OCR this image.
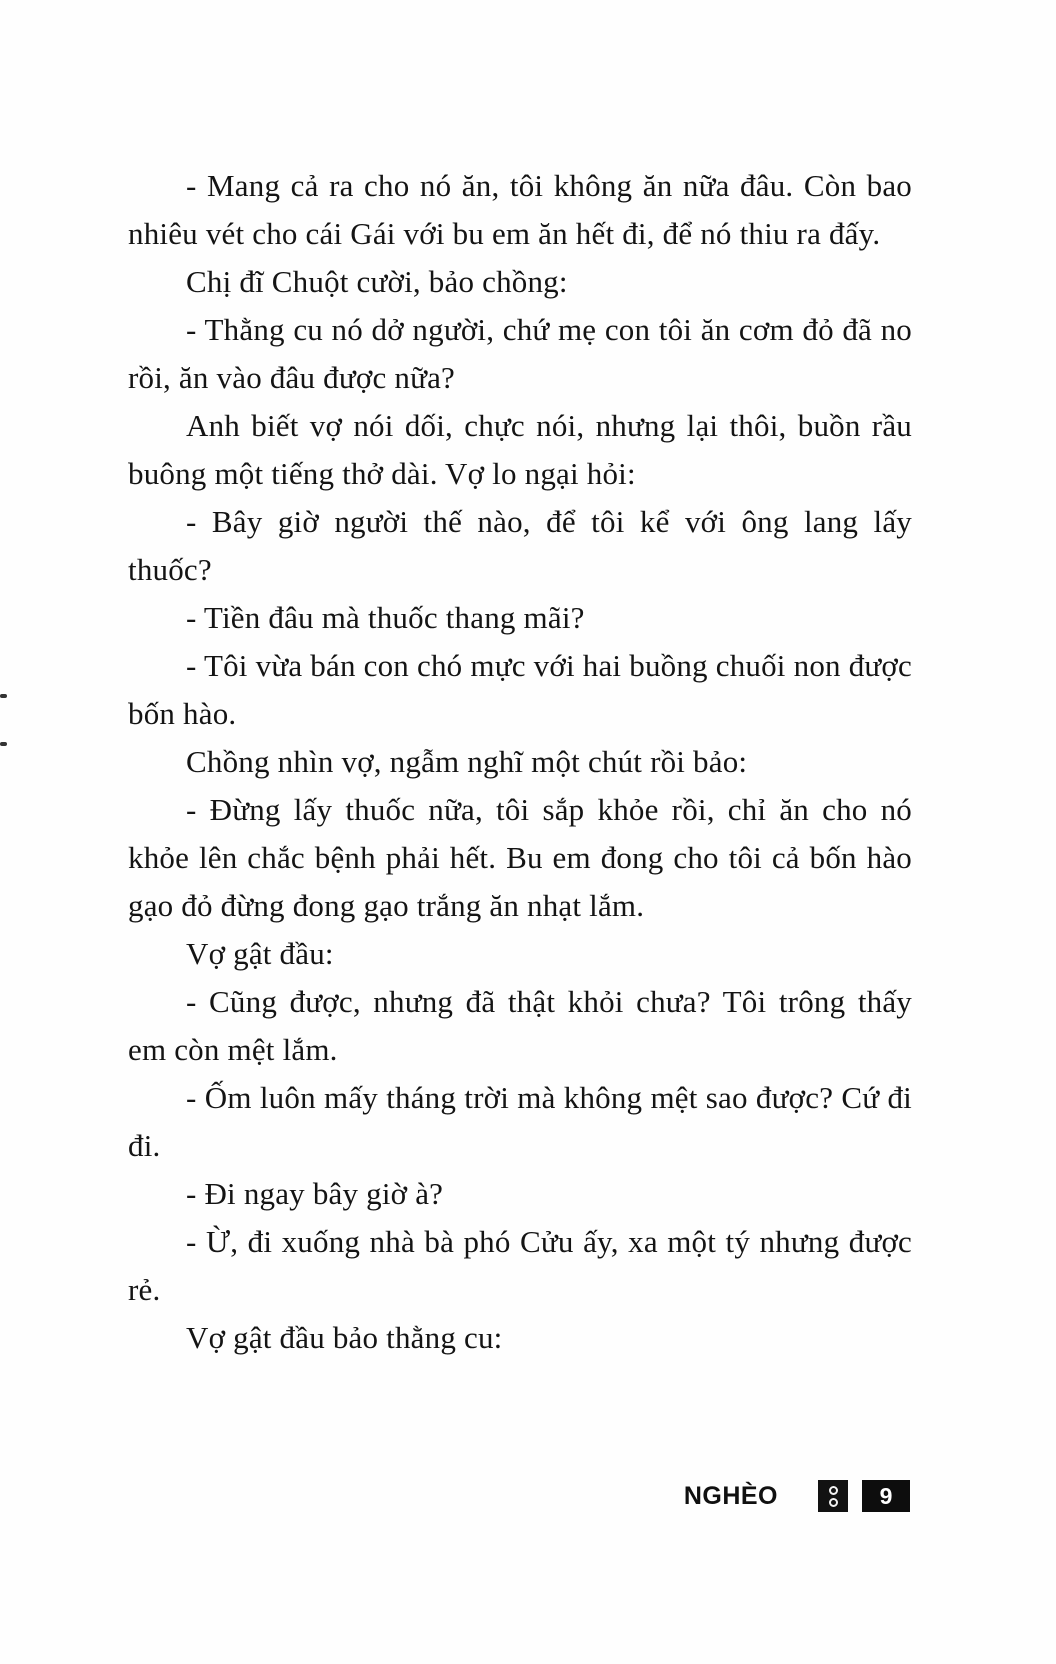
- Mang cả ra cho nó ăn, tôi không ăn nữa đâu. Còn bao nhiêu vét cho cái Gái với bu em ăn hết đi, để nó thiu ra đấy.

Chị đĩ Chuột cười, bảo chồng:

- Thằng cu nó dở người, chứ mẹ con tôi ăn cơm đỏ đã no rồi, ăn vào đâu được nữa?

Anh biết vợ nói dối, chực nói, nhưng lại thôi, buồn rầu buông một tiếng thở dài. Vợ lo ngại hỏi:

- Bây giờ người thế nào, để tôi kể với ông lang lấy thuốc?

- Tiền đâu mà thuốc thang mãi?

- Tôi vừa bán con chó mực với hai buồng chuối non được bốn hào.

Chồng nhìn vợ, ngẫm nghĩ một chút rồi bảo:

- Đừng lấy thuốc nữa, tôi sắp khỏe rồi, chỉ ăn cho nó khỏe lên chắc bệnh phải hết. Bu em đong cho tôi cả bốn hào gạo đỏ đừng đong gạo trắng ăn nhạt lắm.

Vợ gật đầu:

- Cũng được, nhưng đã thật khỏi chưa? Tôi trông thấy em còn mệt lắm.

- Ốm luôn mấy tháng trời mà không mệt sao được? Cứ đi đi.

- Đi ngay bây giờ à?

- Ừ, đi xuống nhà bà phó Cửu ấy, xa một tý nhưng được rẻ.

Vợ gật đầu bảo thằng cu:

NGHÈO	9
